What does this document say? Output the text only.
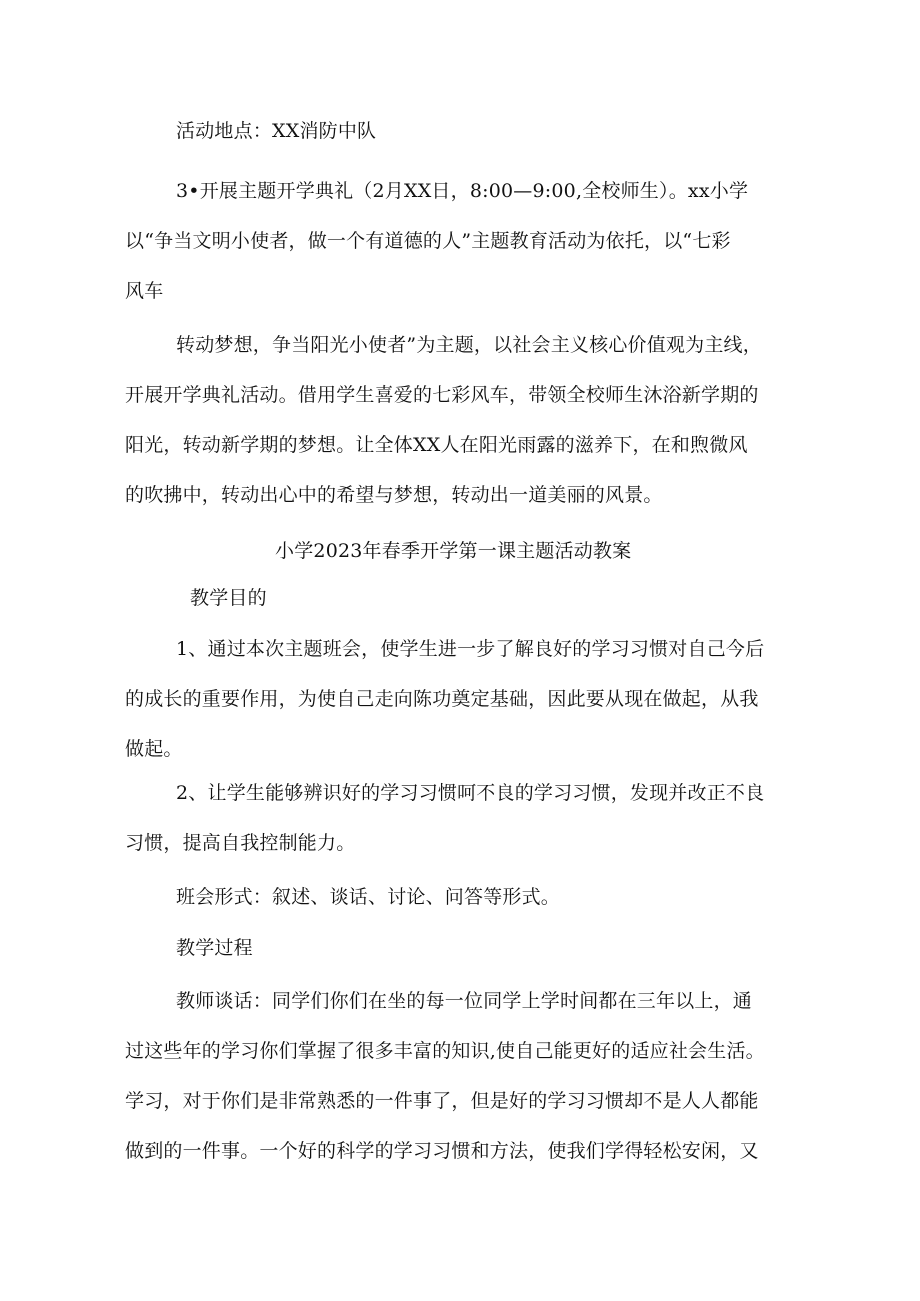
活动地点：XX消防中队
3•开展主题开学典礼（2月XX日，8:00—9:00,全校师生）。xx小学
以“争当文明小使者，做一个有道德的人”主题教育活动为依托，以“七彩
风车
转动梦想，争当阳光小使者”为主题，以社会主义核心价值观为主线，
开展开学典礼活动。借用学生喜爱的七彩风车，带领全校师生沐浴新学期的
阳光，转动新学期的梦想。让全体XX人在阳光雨露的滋养下，在和煦微风
的吹拂中，转动出心中的希望与梦想，转动出一道美丽的风景。
小学2023年春季开学第一课主题活动教案
教学目的
1、通过本次主题班会，使学生进一步了解良好的学习习惯对自己今后
的成长的重要作用，为使自己走向陈功奠定基础，因此要从现在做起，从我
做起。
2、让学生能够辨识好的学习习惯呵不良的学习习惯，发现并改正不良
习惯，提高自我控制能力。
班会形式：叙述、谈话、讨论、问答等形式。
教学过程
教师谈话：同学们你们在坐的每一位同学上学时间都在三年以上，通
过这些年的学习你们掌握了很多丰富的知识,使自己能更好的适应社会生活。
学习，对于你们是非常熟悉的一件事了，但是好的学习习惯却不是人人都能
做到的一件事。一个好的科学的学习习惯和方法，使我们学得轻松安闲，又
